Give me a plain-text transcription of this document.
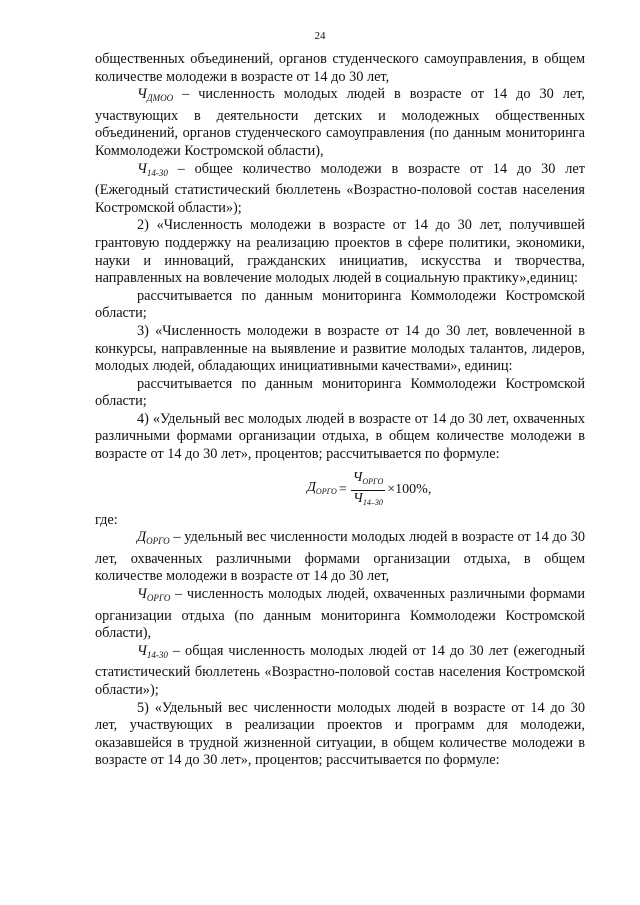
24

общественных объединений, органов студенческого самоуправления, в общем количестве молодежи в возрасте от 14 до 30 лет,

$Ч_{ДМОО}$ – численность молодых людей в возрасте от 14 до 30 лет, участвующих в деятельности детских и молодежных общественных объединений, органов студенческого самоуправления (по данным мониторинга Коммолодежи Костромской области),

$Ч_{14-30}$ – общее количество молодежи в возрасте от 14 до 30 лет (Ежегодный статистический бюллетень «Возрастно-половой состав населения Костромской области»);

2) «Численность молодежи в возрасте от 14 до 30 лет, получившей грантовую поддержку на реализацию проектов в сфере политики, экономики, науки и инноваций, гражданских инициатив, искусства и творчества, направленных на вовлечение молодых людей в социальную практику»,единиц:

рассчитывается по данным мониторинга Коммолодежи Костромской области;

3) «Численность молодежи в возрасте от 14 до 30 лет, вовлеченной в конкурсы, направленные на выявление и развитие молодых талантов, лидеров, молодых людей, обладающих инициативными качествами», единиц:

рассчитывается по данным мониторинга Коммолодежи Костромской области;

4) «Удельный вес молодых людей в возрасте от 14 до 30 лет, охваченных различными формами организации отдыха, в общем количестве молодежи в возрасте от 14 до 30 лет», процентов; рассчитывается по формуле:

$Д_{ОРГО} = \frac{Ч_{ОРГО}}{Ч_{14-30}} \times 100\%$,

где:

$Д_{ОРГО}$ – удельный вес численности молодых людей в возрасте от 14 до 30 лет, охваченных различными формами организации отдыха, в общем количестве молодежи в возрасте от 14 до 30 лет,

$Ч_{ОРГО}$ – численность молодых людей, охваченных различными формами организации отдыха (по данным мониторинга Коммолодежи Костромской области),

$Ч_{14-30}$ – общая численность молодых людей от 14 до 30 лет (ежегодный статистический бюллетень «Возрастно-половой состав населения Костромской области»);

5) «Удельный вес численности молодых людей в возрасте от 14 до 30 лет, участвующих в реализации проектов и программ для молодежи, оказавшейся в трудной жизненной ситуации, в общем количестве молодежи в возрасте от 14 до 30 лет», процентов; рассчитывается по формуле:
